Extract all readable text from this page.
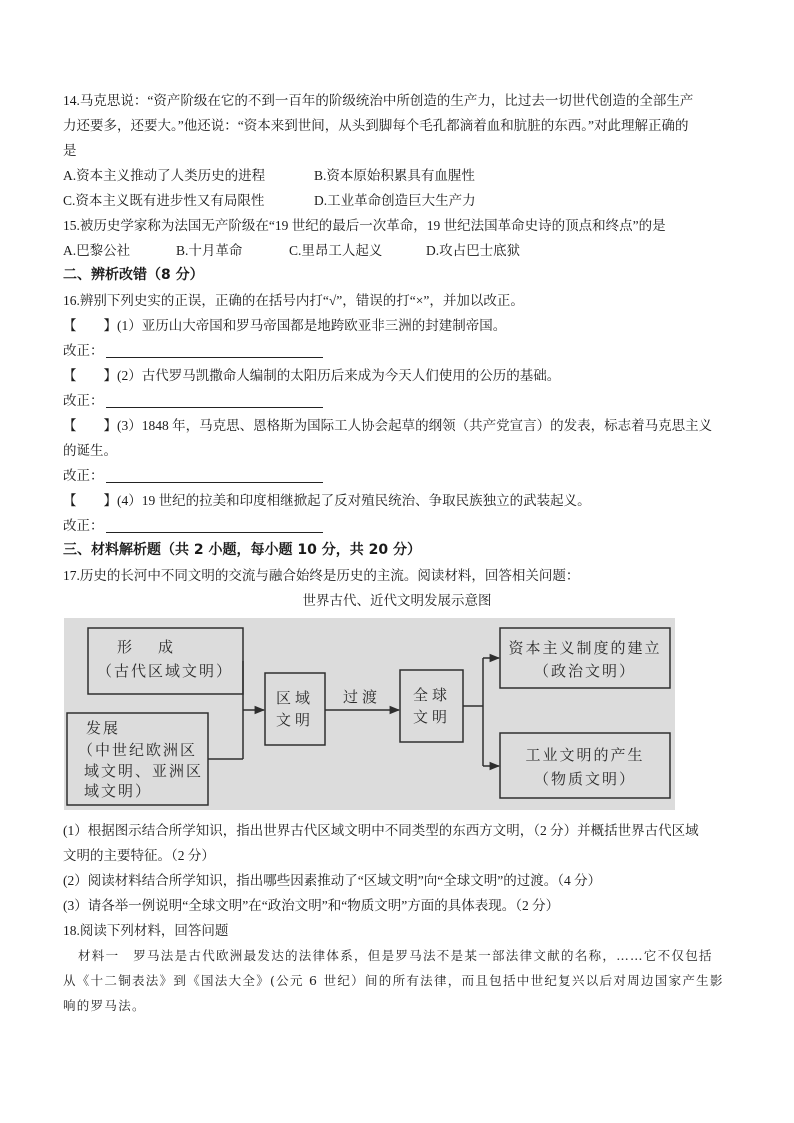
14.马克思说：“资产阶级在它的不到一百年的阶级统治中所创造的生产力，比过去一切世代创造的全部生产
力还要多，还要大。”他还说：“资本来到世间，从头到脚每个毛孔都滴着血和肮脏的东西。”对此理解正确的
是
A.资本主义推动了人类历史的进程	B.资本原始积累具有血腥性
C.资本主义既有进步性又有局限性	D.工业革命创造巨大生产力
15.被历史学家称为法国无产阶级在“19 世纪的最后一次革命，19 世纪法国革命史诗的顶点和终点”的是
A.巴黎公社	B.十月革命	C.里昂工人起义	D.攻占巴士底狱
二、辨析改错（8 分）
16.辨别下列史实的正误，正确的在括号内打“√”，错误的打“×”，并加以改正。
【　　】(1）亚历山大帝国和罗马帝国都是地跨欧亚非三洲的封建制帝国。
改正：
【　　】(2）古代罗马凯撒命人编制的太阳历后来成为今天人们使用的公历的基础。
改正：
【　　】(3）1848 年，马克思、恩格斯为国际工人协会起草的纲领（共产党宣言）的发表，标志着马克思主义
的诞生。
改正：
【　　】(4）19 世纪的拉美和印度相继掀起了反对殖民统治、争取民族独立的武装起义。
改正：
三、材料解析题（共 2 小题，每小题 10 分，共 20 分）
17.历史的长河中不同文明的交流与融合始终是历史的主流。阅读材料，回答相关问题：
世界古代、近代文明发展示意图
形成
（古代区域文明）
发展
（中世纪欧洲区
域文明、亚洲区
域文明）
区域
文明
过渡 全球
文明
资本主义制度的建立
（政治文明）
工业文明的产生
（物质文明）
(1）根据图示结合所学知识，指出世界古代区域文明中不同类型的东西方文明，（2 分）并概括世界古代区域
文明的主要特征。（2 分）
(2）阅读材料结合所学知识，指出哪些因素推动了“区域文明”向“全球文明”的过渡。（4 分）
(3）请各举一例说明“全球文明”在“政治文明”和“物质文明”方面的具体表现。（2 分）
18.阅读下列材料，回答问题
材料一　罗马法是古代欧洲最发达的法律体系，但是罗马法不是某一部法律文献的名称，……它不仅包括
从《十二铜表法》到《国法大全》(公元 6 世纪）间的所有法律，而且包括中世纪复兴以后对周边国家产生影
响的罗马法。
